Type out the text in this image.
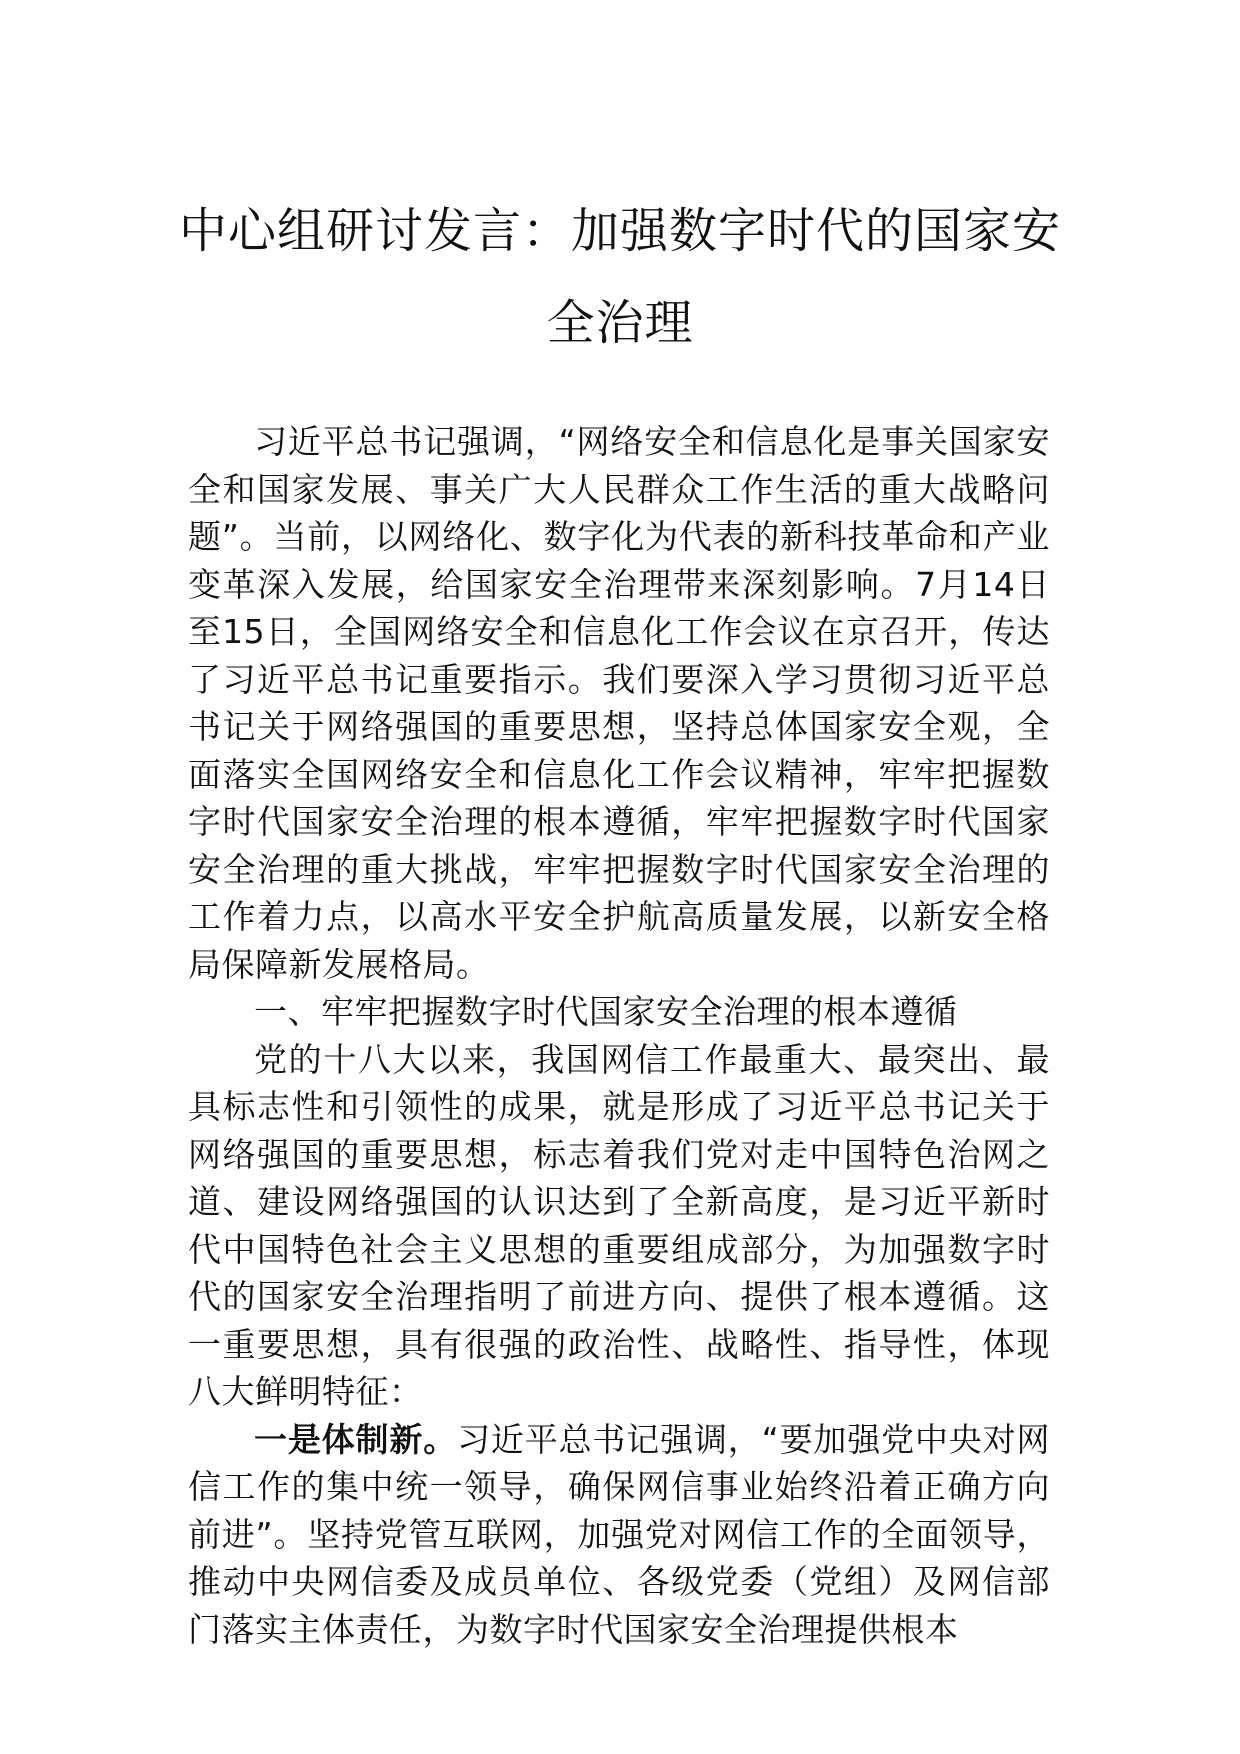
中心组研讨发言：加强数字时代的国家安
全治理

习近平总书记强调，“网络安全和信息化是事关国家安全和国家发展、事关广大人民群众工作生活的重大战略问题”。当前，以网络化、数字化为代表的新科技革命和产业变革深入发展，给国家安全治理带来深刻影响。7月14日至15日，全国网络安全和信息化工作会议在京召开，传达了习近平总书记重要指示。我们要深入学习贯彻习近平总书记关于网络强国的重要思想，坚持总体国家安全观，全面落实全国网络安全和信息化工作会议精神，牢牢把握数字时代国家安全治理的根本遵循，牢牢把握数字时代国家安全治理的重大挑战，牢牢把握数字时代国家安全治理的工作着力点，以高水平安全护航高质量发展，以新安全格局保障新发展格局。

一、牢牢把握数字时代国家安全治理的根本遵循

党的十八大以来，我国网信工作最重大、最突出、最具标志性和引领性的成果，就是形成了习近平总书记关于网络强国的重要思想，标志着我们党对走中国特色治网之道、建设网络强国的认识达到了全新高度，是习近平新时代中国特色社会主义思想的重要组成部分，为加强数字时代的国家安全治理指明了前进方向、提供了根本遵循。这一重要思想，具有很强的政治性、战略性、指导性，体现八大鲜明特征：

一是体制新。习近平总书记强调，“要加强党中央对网信工作的集中统一领导，确保网信事业始终沿着正确方向前进”。坚持党管互联网，加强党对网信工作的全面领导，推动中央网信委及成员单位、各级党委（党组）及网信部门落实主体责任，为数字时代国家安全治理提供根本
